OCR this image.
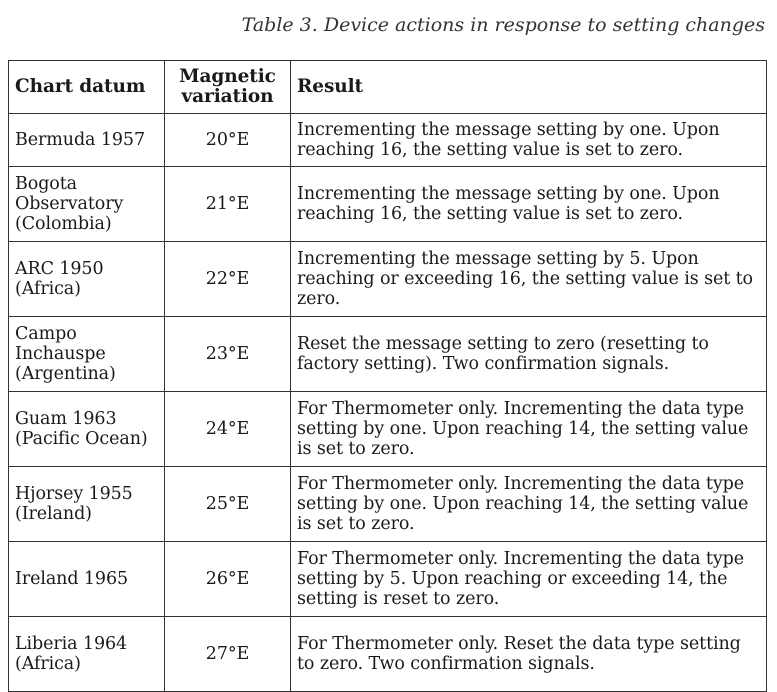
Table 3. Device actions in response to setting changes
Chart datum	Magnetic variation	Result
Bermuda 1957	20°E	Incrementing the message setting by one. Upon reaching 16, the setting value is set to zero.
Bogota Observatory (Colombia)	21°E	Incrementing the message setting by one. Upon reaching 16, the setting value is set to zero.
ARC 1950 (Africa)	22°E	Incrementing the message setting by 5. Upon reaching or exceeding 16, the setting value is set to zero.
Campo Inchauspe (Argentina)	23°E	Reset the message setting to zero (resetting to factory setting). Two confirmation signals.
Guam 1963 (Pacific Ocean)	24°E	For Thermometer only. Incrementing the data type setting by one. Upon reaching 14, the setting value is set to zero.
Hjorsey 1955 (Ireland)	25°E	For Thermometer only. Incrementing the data type setting by one. Upon reaching 14, the setting value is set to zero.
Ireland 1965	26°E	For Thermometer only. Incrementing the data type setting by 5. Upon reaching or exceeding 14, the setting is reset to zero.
Liberia 1964 (Africa)	27°E	For Thermometer only. Reset the data type setting to zero. Two confirmation signals.
